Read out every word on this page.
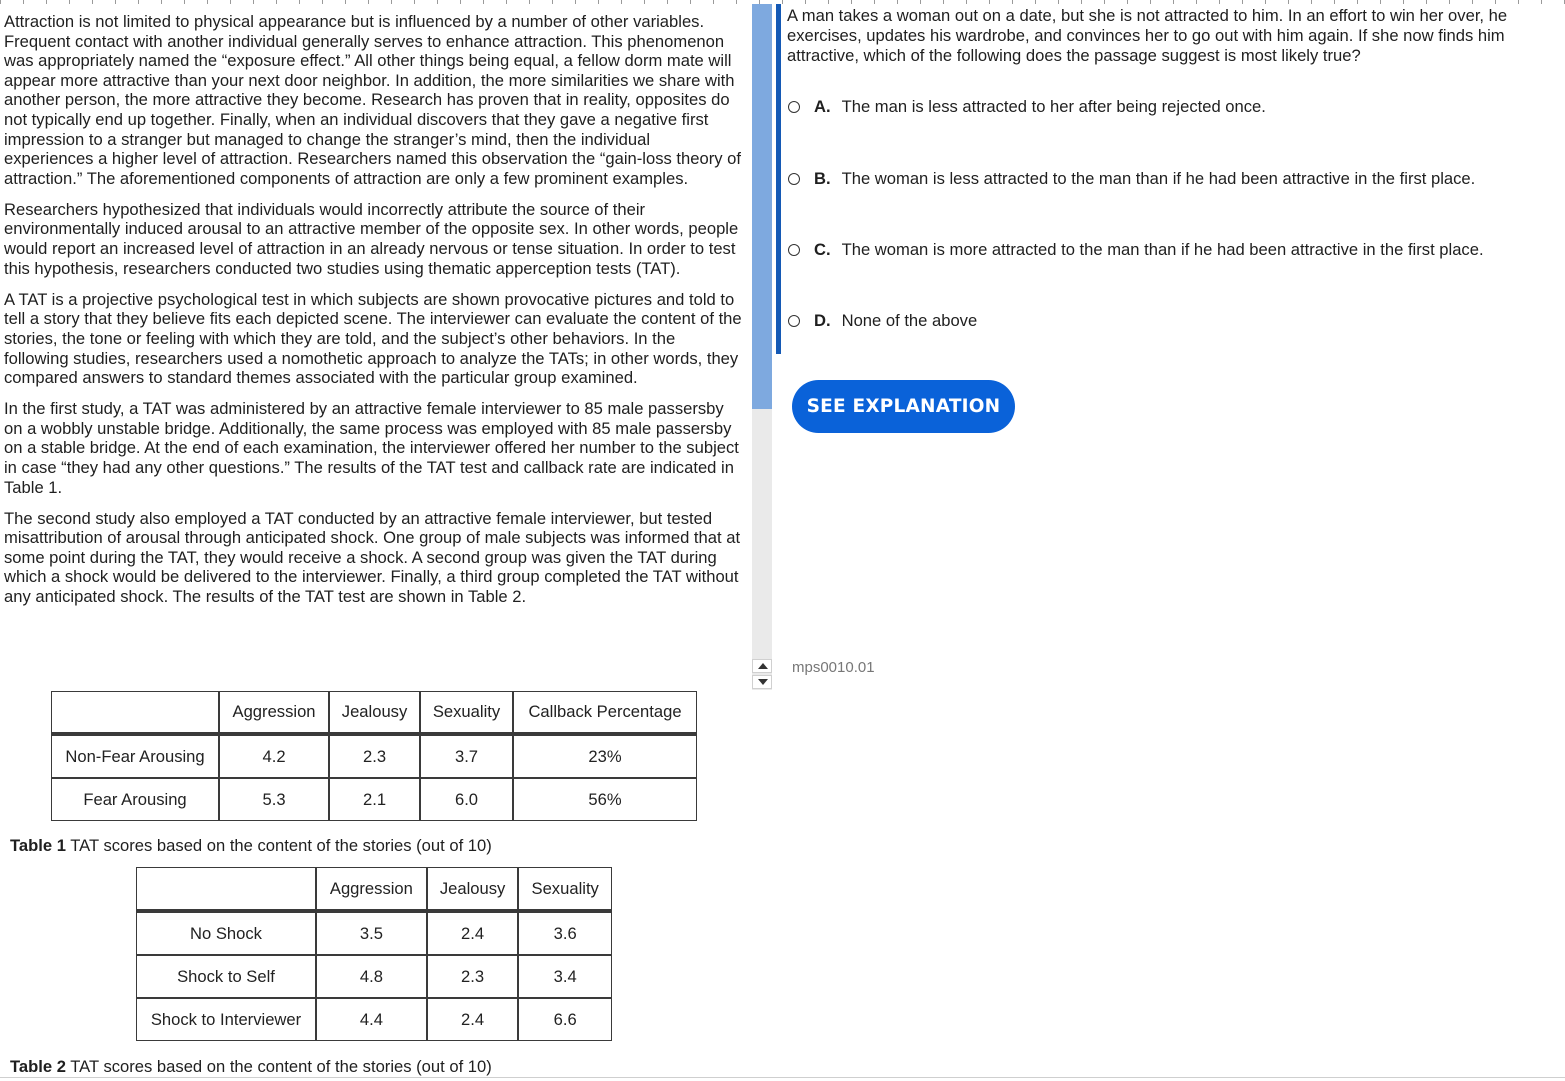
Attraction is not limited to physical appearance but is influenced by a number of other variables. Frequent contact with another individual generally serves to enhance attraction. This phenomenon was appropriately named the “exposure effect.” All other things being equal, a fellow dorm mate will appear more attractive than your next door neighbor. In addition, the more similarities we share with another person, the more attractive they become. Research has proven that in reality, opposites do not typically end up together. Finally, when an individual discovers that they gave a negative first impression to a stranger but managed to change the stranger’s mind, then the individual experiences a higher level of attraction. Researchers named this observation the “gain-loss theory of attraction.” The aforementioned components of attraction are only a few prominent examples.

Researchers hypothesized that individuals would incorrectly attribute the source of their environmentally induced arousal to an attractive member of the opposite sex. In other words, people would report an increased level of attraction in an already nervous or tense situation. In order to test this hypothesis, researchers conducted two studies using thematic apperception tests (TAT).

A TAT is a projective psychological test in which subjects are shown provocative pictures and told to tell a story that they believe fits each depicted scene. The interviewer can evaluate the content of the stories, the tone or feeling with which they are told, and the subject’s other behaviors. In the following studies, researchers used a nomothetic approach to analyze the TATs; in other words, they compared answers to standard themes associated with the particular group examined.

In the first study, a TAT was administered by an attractive female interviewer to 85 male passersby on a wobbly unstable bridge. Additionally, the same process was employed with 85 male passersby on a stable bridge. At the end of each examination, the interviewer offered her number to the subject in case “they had any other questions.” The results of the TAT test and callback rate are indicated in Table 1.

The second study also employed a TAT conducted by an attractive female interviewer, but tested misattribution of arousal through anticipated shock. One group of male subjects was informed that at some point during the TAT, they would receive a shock. A second group was given the TAT during which a shock would be delivered to the interviewer. Finally, a third group completed the TAT without any anticipated shock. The results of the TAT test are shown in Table 2.

	Aggression	Jealousy	Sexuality	Callback Percentage
Non-Fear Arousing	4.2	2.3	3.7	23%
Fear Arousing	5.3	2.1	6.0	56%
Table 1 TAT scores based on the content of the stories (out of 10)
	Aggression	Jealousy	Sexuality
No Shock	3.5	2.4	3.6
Shock to Self	4.8	2.3	3.4
Shock to Interviewer	4.4	2.4	6.6
Table 2 TAT scores based on the content of the stories (out of 10)
A man takes a woman out on a date, but she is not attracted to him. In an effort to win her over, he exercises, updates his wardrobe, and convinces her to go out with him again. If she now finds him attractive, which of the following does the passage suggest is most likely true?
A. The man is less attracted to her after being rejected once.
B. The woman is less attracted to the man than if he had been attractive in the first place.
C. The woman is more attracted to the man than if he had been attractive in the first place.
D. None of the above
SEE EXPLANATION
mps0010.01
